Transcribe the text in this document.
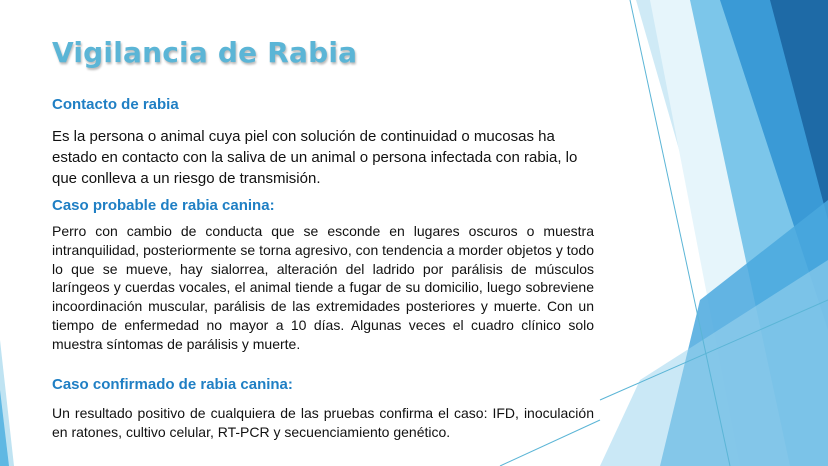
Vigilancia de Rabia
Contacto de rabia

Es la persona o animal cuya piel con solución de continuidad o mucosas ha estado en contacto con la saliva de un animal o persona infectada con rabia, lo que conlleva a un riesgo de transmisión.

Caso probable de rabia canina:

Perro con cambio de conducta que se esconde en lugares oscuros o muestra intranquilidad, posteriormente se torna agresivo, con tendencia a morder objetos y todo lo que se mueve, hay sialorrea, alteración del ladrido por parálisis de músculos laríngeos y cuerdas vocales, el animal tiende a fugar de su domicilio, luego sobreviene incoordinación muscular, parálisis de las extremidades posteriores y muerte. Con un tiempo de enfermedad no mayor a 10 días. Algunas veces el cuadro clínico solo muestra síntomas de parálisis y muerte.

Caso confirmado de rabia canina:

Un resultado positivo de cualquiera de las pruebas confirma el caso: IFD, inoculación en ratones, cultivo celular, RT-PCR y secuenciamiento genético.
